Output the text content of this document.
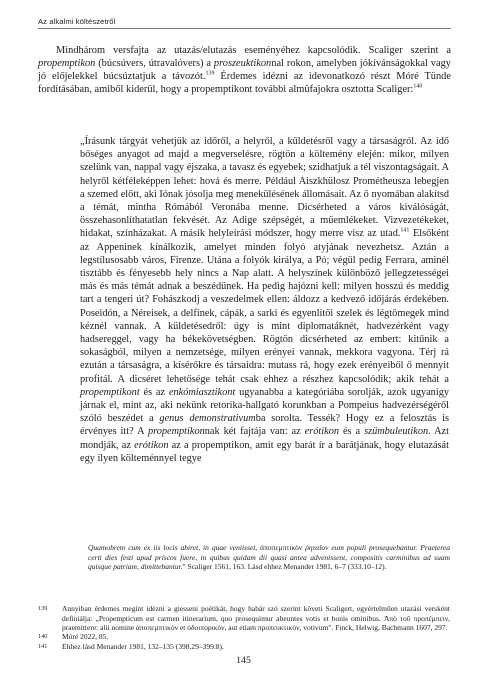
Az alkalmi költészetről

Mindhárom versfajta az utazás/elutazás eseményéhez kapcsolódik. Scaliger szerint a propemptikon (búcsúvers, útravalóvers) a proszeuktikonnal rokon, amelyben jókívánságokkal vagy jó előjelekkel búcsúztatjuk a távozót.$^{139}$ Érdemes idézni az idevonatkozó részt Móré Tünde fordításában, amiből kiderül, hogy a propemptikont további almûfajokra osztotta Scaliger:$^{140}$

„Írásunk tárgyát vehetjük az időről, a helyről, a küldetésről vagy a társaságról. Az idő bőséges anyagot ad majd a megverselésre, rögtön a költemény elején: mikor, milyen szelünk van, nappal vagy éjszaka, a tavasz és egyebek; szidhatjuk a tél viszontagságait. A helyről kétféleképpen lehet: hová és merre. Például Aiszkhülosz Prométheusza lebegjen a szemed előtt, aki Iónak jósolja meg menekülésének állomásait. Az ő nyomában alakítsd a témát, mintha Rómából Veronába menne. Dicsérheted a város kiválóságát, összehasonlíthatatlan fekvését. Az Adige szépségét, a műemlékeket. Vizvezetékeket, hidakat, színházakat. A másik helyleírási módszer, hogy merre visz az utad.$^{141}$ Elsőként az Appeninek kínálkozik, amelyet minden folyó atyjának nevezhetsz. Aztán a legstílusosabb város, Firenze. Utána a folyók királya, a Pó; végül pedig Ferrara, aminél tisztább és fényesebb hely nincs a Nap alatt. A helyszínek különböző jellegzetességei más és más témát adnak a beszédünek. Ha pedig hajózni kell: milyen hosszú és meddig tart a tengeri út? Fohászkodj a veszedelmek ellen: áldozz a kedvező időjárás érdekében. Poseidón, a Néreisek, a delfinek, cápák, a sarki és egyenlítői szelek és légtömegek mind kéznél vannak. A küldetésedről: úgy is mint diplomatáknét, hadvezérként vagy hadsereggel, vagy ha békekövetségben. Rögtön dicsérheted az embert: kitűnik a sokaságból, milyen a nemzetsége, milyen erényei vannak, mekkora vagyona. Térj rá ezután a társaságra, a kísérőkre és társaidra: mutass rá, hogy ezek erényeiből ő mennyit profitál. A dicséret lehetősége tehát csak ehhez a részhez kapcsolódik; akik tehát a propemptikont és az enkómiasztikont ugyanabba a kategóriába sorolják, azok ugyanígy járnak el, mint az, aki nekünk retorika-hallgató korunkban a Pompeius hadvezérségéről szóló beszédet a genus demonstrativumba sorolta. Tessék? Hogy ez a felosztás is érvényes itt? A propemptikonnak két fajtája van: az erótikon és a szümbuleutikon. Azt mondják, az erótikon az a propemptikon, amit egy barát ír a barátjának, hogy elutazását egy ilyen költeménnyel tegye

Quamobrem cum ex iis locis abiret, in quae veniisset, ἀποπεμπτικὸν ῥηταῖον eum populi prosequebantur. Praeterea certi dies festi apud priscos fuere, in quibus quidam dii quasi antea advenissent, compositis carminibus ad suam quisque patriam, dimittebantur." Scaliger 1561, 163. Lásd ehhez Menander 1981, 6–7 (333.10–12).

139	Annyiban érdemes megint idézni a giesseni poétikát, hogy habár szó szerint követi Scaligert, egyértelműen utazási versként definiálja: „Propempticum est carmen itinerarium, quo prosequimur abeuntes votis et bonis ominibus. Ἀπὸ τοῦ προπέμπειν, praemittere: alii nomine ἀποπεμπτικὸν et ὁδοιπορικὸν, aut etiam προπευκτικὸν, votivum". Finck, Helwig, Bachmann 1607, 297.

140	Móré 2022, 85.

141	Ehhez lásd Menander 1981, 132–135 (398.29–399.8).

145
